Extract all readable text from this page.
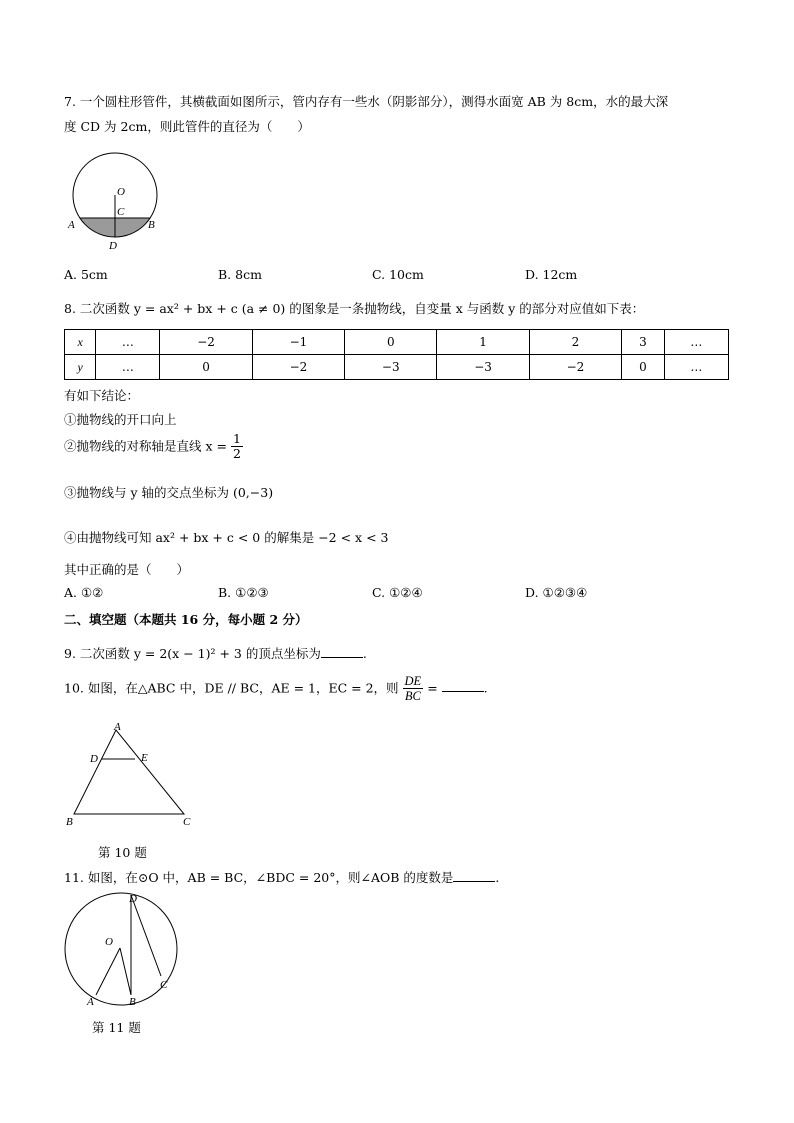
7. 一个圆柱形管件，其横截面如图所示，管内存有一些水（阴影部分），测得水面宽 AB 为 8cm，水的最大深
度 CD 为 2cm，则此管件的直径为（　　）
O
C
A	B
D
A. 5cm	B. 8cm	C. 10cm	D. 12cm
8. 二次函数 y = ax² + bx + c (a ≠ 0) 的图象是一条抛物线，自变量 x 与函数 y 的部分对应值如下表：
x	…	−2	−1	0	1	2	3	…
y	…	0	−2	−3	−3	−2	0	…
有如下结论：
①抛物线的开口向上
②抛物线的对称轴是直线 $x = \frac{1}{2}$
③抛物线与 y 轴的交点坐标为 (0,−3)
④由抛物线可知 ax² + bx + c < 0 的解集是 −2 < x < 3
其中正确的是（　　）
A. ①②	B. ①②③	C. ①②④	D. ①②③④
二、填空题（本题共 16 分，每小题 2 分）
9. 二次函数 y = 2(x − 1)² + 3 的顶点坐标为	.
10. 如图，在△ABC 中，DE // BC，AE = 1，EC = 2，则 $\frac{DE}{BC}$ =	.
A
D	E
B	C
第 10 题
11. 如图，在⊙O 中，AB = BC，∠BDC = 20°，则∠AOB 的度数是	.
O
A	B
C
D
第 11 题
